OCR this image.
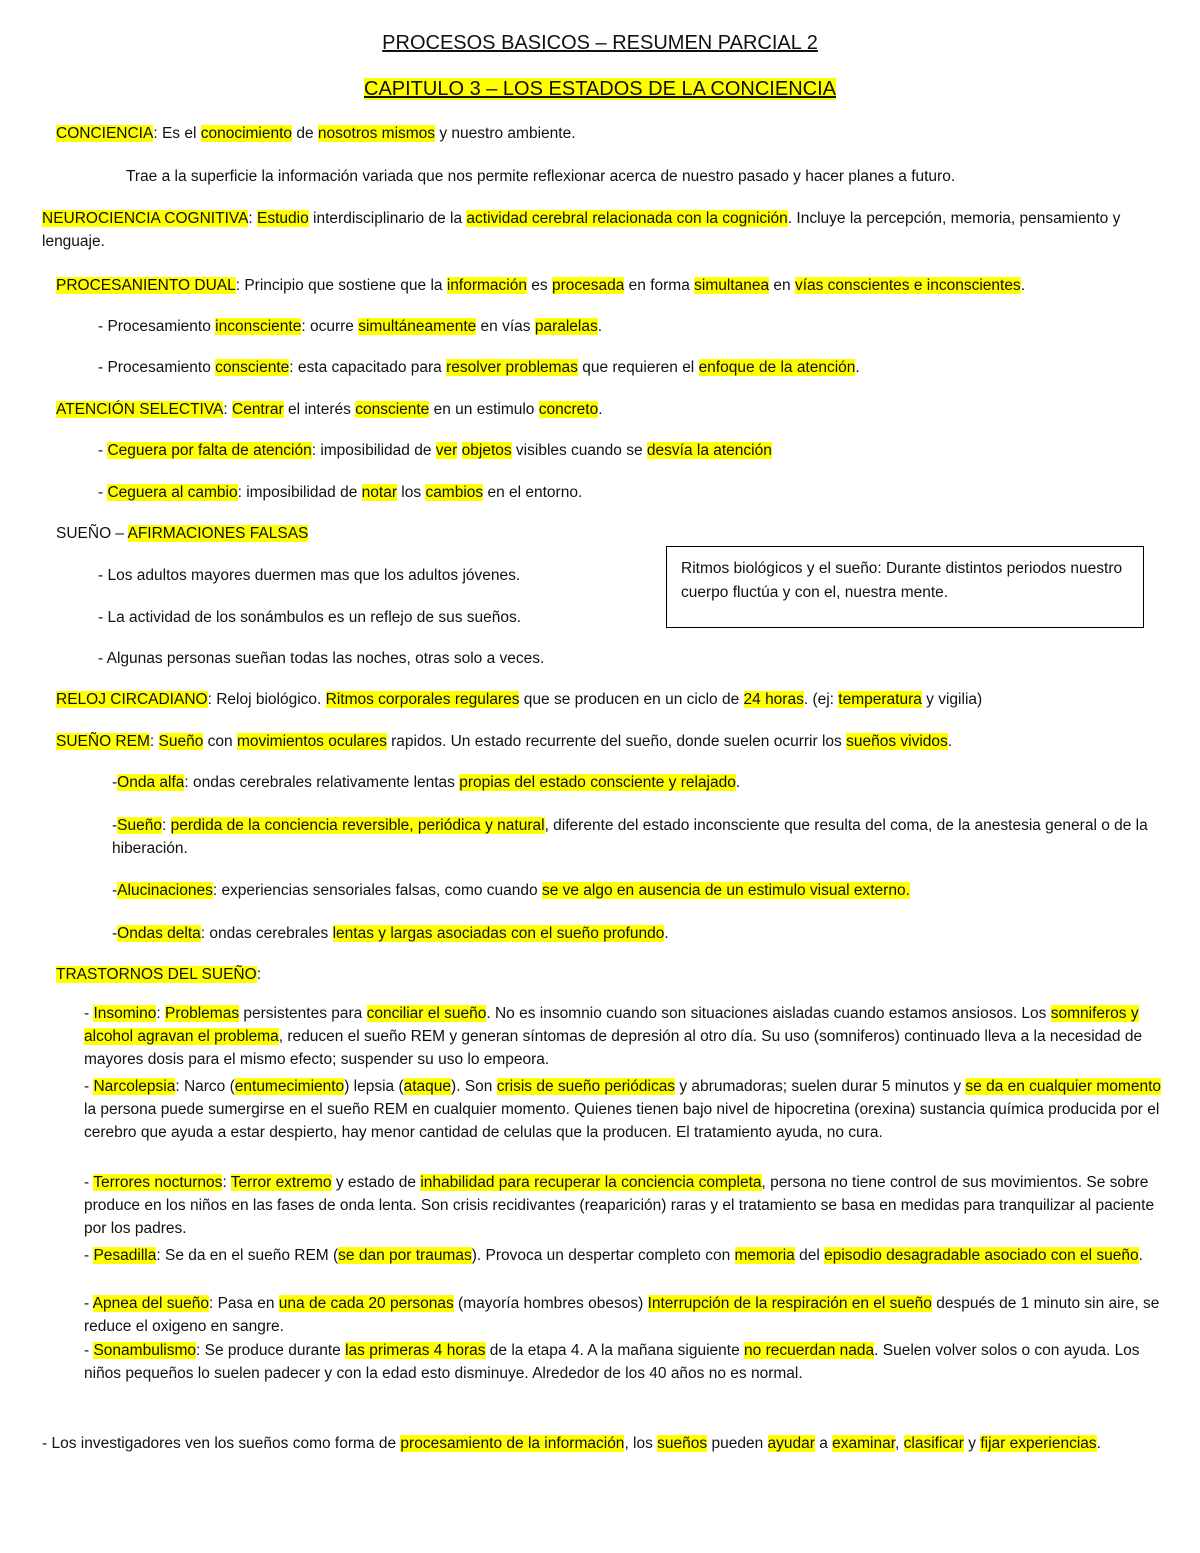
PROCESOS BASICOS – RESUMEN PARCIAL 2
CAPITULO 3 – LOS ESTADOS DE LA CONCIENCIA

CONCIENCIA: Es el conocimiento de nosotros mismos y nuestro ambiente.

Trae a la superficie la información variada que nos permite reflexionar acerca de nuestro pasado y hacer planes a futuro.

NEUROCIENCIA COGNITIVA: Estudio interdisciplinario de la actividad cerebral relacionada con la cognición. Incluye la percepción, memoria, pensamiento y lenguaje.

PROCESANIENTO DUAL: Principio que sostiene que la información es procesada en forma simultanea en vías conscientes e inconscientes.

- Procesamiento inconsciente: ocurre simultáneamente en vías paralelas.

- Procesamiento consciente: esta capacitado para resolver problemas que requieren el enfoque de la atención.

ATENCIÓN SELECTIVA: Centrar el interés consciente en un estimulo concreto.

- Ceguera por falta de atención: imposibilidad de ver objetos visibles cuando se desvía la atención

- Ceguera al cambio: imposibilidad de notar los cambios en el entorno.

SUEÑO – AFIRMACIONES FALSAS

- Los adultos mayores duermen mas que los adultos jóvenes.

- La actividad de los sonámbulos es un reflejo de sus sueños.

- Algunas personas sueñan todas las noches, otras solo a veces.

RELOJ CIRCADIANO: Reloj biológico. Ritmos corporales regulares que se producen en un ciclo de 24 horas. (ej: temperatura y vigilia)

SUEÑO REM: Sueño con movimientos oculares rapidos. Un estado recurrente del sueño, donde suelen ocurrir los sueños vividos.

-Onda alfa: ondas cerebrales relativamente lentas propias del estado consciente y relajado.

-Sueño: perdida de la conciencia reversible, periódica y natural, diferente del estado inconsciente que resulta del coma, de la anestesia general o de la hiberación.

-Alucinaciones: experiencias sensoriales falsas, como cuando se ve algo en ausencia de un estimulo visual externo.

-Ondas delta: ondas cerebrales lentas y largas asociadas con el sueño profundo.

TRASTORNOS DEL SUEÑO:

- Insomino: Problemas persistentes para conciliar el sueño. No es insomnio cuando son situaciones aisladas cuando estamos ansiosos. Los somniferos y alcohol agravan el problema, reducen el sueño REM y generan síntomas de depresión al otro día. Su uso (somniferos) continuado lleva a la necesidad de mayores dosis para el mismo efecto; suspender su uso lo empeora.

- Narcolepsia: Narco (entumecimiento) lepsia (ataque). Son crisis de sueño periódicas y abrumadoras; suelen durar 5 minutos y se da en cualquier momento la persona puede sumergirse en el sueño REM en cualquier momento. Quienes tienen bajo nivel de hipocretina (orexina) sustancia química producida por el cerebro que ayuda a estar despierto, hay menor cantidad de celulas que la producen. El tratamiento ayuda, no cura.

- Terrores nocturnos: Terror extremo y estado de inhabilidad para recuperar la conciencia completa, persona no tiene control de sus movimientos. Se sobre produce en los niños en las fases de onda lenta. Son crisis recidivantes (reaparición) raras y el tratamiento se basa en medidas para tranquilizar al paciente por los padres.

- Pesadilla: Se da en el sueño REM (se dan por traumas). Provoca un despertar completo con memoria del episodio desagradable asociado con el sueño.

- Apnea del sueño: Pasa en una de cada 20 personas (mayoría hombres obesos) Interrupción de la respiración en el sueño después de 1 minuto sin aire, se reduce el oxigeno en sangre.

- Sonambulismo: Se produce durante las primeras 4 horas de la etapa 4. A la mañana siguiente no recuerdan nada. Suelen volver solos o con ayuda. Los niños pequeños lo suelen padecer y con la edad esto disminuye. Alrededor de los 40 años no es normal.

- Los investigadores ven los sueños como forma de procesamiento de la información, los sueños pueden ayudar a examinar, clasificar y fijar experiencias.

Ritmos biológicos y el sueño: Durante distintos periodos nuestro cuerpo fluctúa y con el, nuestra mente.
